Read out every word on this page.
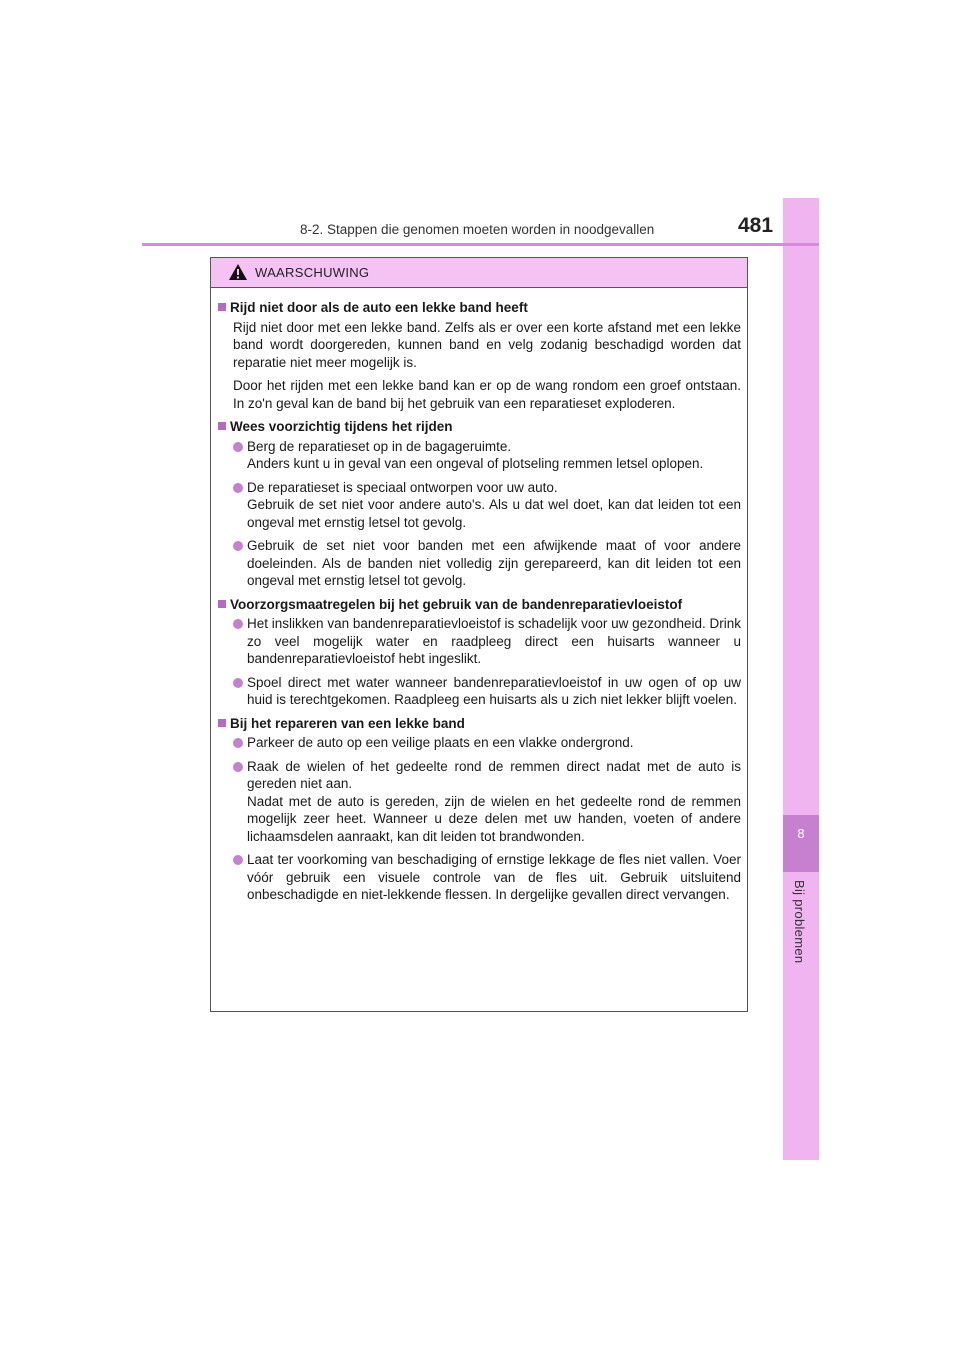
8
Bij problemen
8-2. Stappen die genomen moeten worden in noodgevallen	481
WAARSCHUWING
Rijd niet door als de auto een lekke band heeft
Rijd niet door met een lekke band. Zelfs als er over een korte afstand met een lekke band wordt doorgereden, kunnen band en velg zodanig beschadigd worden dat reparatie niet meer mogelijk is.
Door het rijden met een lekke band kan er op de wang rondom een groef ontstaan. In zo'n geval kan de band bij het gebruik van een reparatieset exploderen.
Wees voorzichtig tijdens het rijden
Berg de reparatieset op in de bagageruimte.
Anders kunt u in geval van een ongeval of plotseling remmen letsel oplopen.
De reparatieset is speciaal ontworpen voor uw auto.
Gebruik de set niet voor andere auto's. Als u dat wel doet, kan dat leiden tot een ongeval met ernstig letsel tot gevolg.
Gebruik de set niet voor banden met een afwijkende maat of voor andere doeleinden. Als de banden niet volledig zijn gerepareerd, kan dit leiden tot een ongeval met ernstig letsel tot gevolg.
Voorzorgsmaatregelen bij het gebruik van de bandenreparatievloeistof
Het inslikken van bandenreparatievloeistof is schadelijk voor uw gezondheid. Drink zo veel mogelijk water en raadpleeg direct een huisarts wanneer u bandenreparatievloeistof hebt ingeslikt.
Spoel direct met water wanneer bandenreparatievloeistof in uw ogen of op uw huid is terechtgekomen. Raadpleeg een huisarts als u zich niet lekker blijft voelen.
Bij het repareren van een lekke band
Parkeer de auto op een veilige plaats en een vlakke ondergrond.
Raak de wielen of het gedeelte rond de remmen direct nadat met de auto is gereden niet aan.
Nadat met de auto is gereden, zijn de wielen en het gedeelte rond de remmen mogelijk zeer heet. Wanneer u deze delen met uw handen, voeten of andere lichaamsdelen aanraakt, kan dit leiden tot brandwonden.
Laat ter voorkoming van beschadiging of ernstige lekkage de fles niet vallen. Voer vóór gebruik een visuele controle van de fles uit. Gebruik uitsluitend onbeschadigde en niet-lekkende flessen. In dergelijke gevallen direct vervangen.
